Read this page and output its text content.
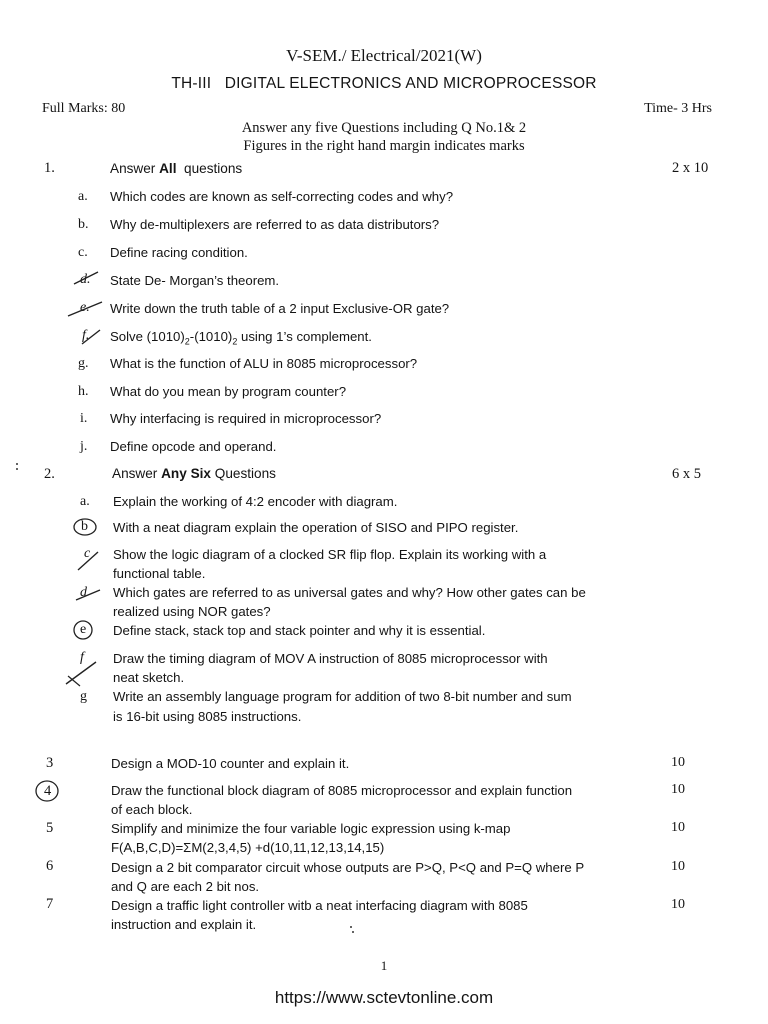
V-SEM./ Electrical/2021(W)
TH-III   DIGITAL ELECTRONICS AND MICROPROCESSOR
Full Marks: 80	Time- 3 Hrs
Answer any five Questions including Q No.1& 2
Figures in the right hand margin indicates marks
1.	Answer All  questions	2 x 10
a. Which codes are known as self-correcting codes and why?
b. Why de-multiplexers are referred to as data distributors?
c. Define racing condition.
d. State De- Morgan’s theorem.
e. Write down the truth table of a 2 input Exclusive-OR gate?
f. Solve $(1010)_2-(1010)_2$ using 1’s complement.
g. What is the function of ALU in 8085 microprocessor?
h. What do you mean by program counter?
i. Why interfacing is required in microprocessor?
j. Define opcode and operand.
2.	Answer Any Six Questions	6 x 5
a. Explain the working of 4:2 encoder with diagram.
b With a neat diagram explain the operation of SISO and PIPO register.
c Show the logic diagram of a clocked SR flip flop. Explain its working with a
functional table.
d Which gates are referred to as universal gates and why? How other gates can be
realized using NOR gates?
e Define stack, stack top and stack pointer and why it is essential.
f Draw the timing diagram of MOV A instruction of 8085 microprocessor with
neat sketch.
g Write an assembly language program for addition of two 8-bit number and sum
is 16-bit using 8085 instructions.
3	Design a MOD-10 counter and explain it.	10
4	Draw the functional block diagram of 8085 microprocessor and explain function
of each block.
10
5	Simplify and minimize the four variable logic expression using k-map
F(A,B,C,D)=ΣM(2,3,4,5) +d(10,11,12,13,14,15)
10
6	Design a 2 bit comparator circuit whose outputs are P>Q, P<Q and P=Q where P
and Q are each 2 bit nos.
10
7	Design a traffic light controller witb a neat interfacing diagram with 8085
instruction and explain it.
10
1
https://www.sctevtonline.com
